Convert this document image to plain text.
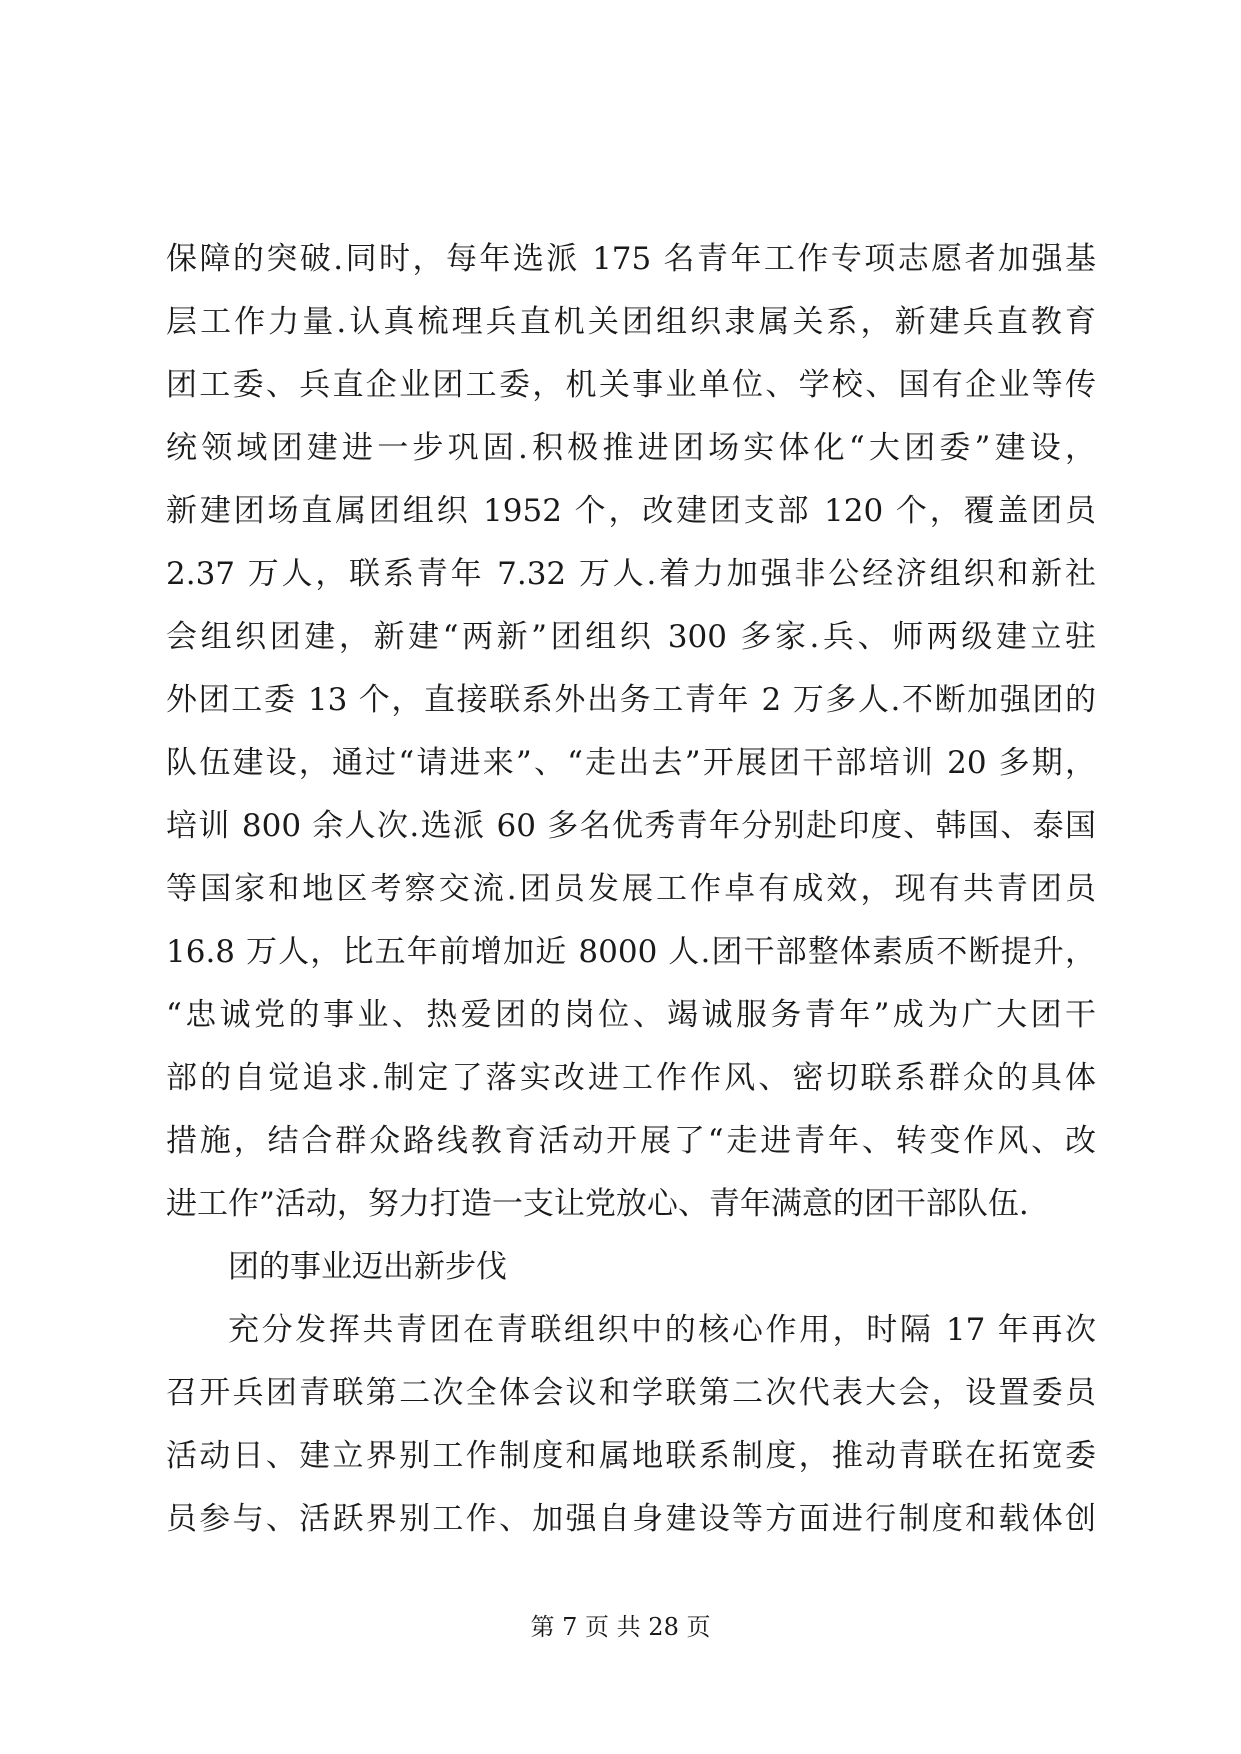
保障的突破.同时，每年选派 175 名青年工作专项志愿者加强基
层工作力量.认真梳理兵直机关团组织隶属关系，新建兵直教育
团工委、兵直企业团工委，机关事业单位、学校、国有企业等传
统领域团建进一步巩固.积极推进团场实体化“大团委”建设，
新建团场直属团组织 1952 个，改建团支部 120 个，覆盖团员
2.37 万人，联系青年 7.32 万人.着力加强非公经济组织和新社
会组织团建，新建“两新”团组织 300 多家.兵、师两级建立驻
外团工委 13 个，直接联系外出务工青年 2 万多人.不断加强团的
队伍建设，通过“请进来”、“走出去”开展团干部培训 20 多期，
培训 800 余人次.选派 60 多名优秀青年分别赴印度、韩国、泰国
等国家和地区考察交流.团员发展工作卓有成效，现有共青团员
16.8 万人，比五年前增加近 8000 人.团干部整体素质不断提升，
“忠诚党的事业、热爱团的岗位、竭诚服务青年”成为广大团干
部的自觉追求.制定了落实改进工作作风、密切联系群众的具体
措施，结合群众路线教育活动开展了“走进青年、转变作风、改
进工作”活动，努力打造一支让党放心、青年满意的团干部队伍.
团的事业迈出新步伐
充分发挥共青团在青联组织中的核心作用，时隔 17 年再次
召开兵团青联第二次全体会议和学联第二次代表大会，设置委员
活动日、建立界别工作制度和属地联系制度，推动青联在拓宽委
员参与、活跃界别工作、加强自身建设等方面进行制度和载体创
第 7 页 共 28 页
